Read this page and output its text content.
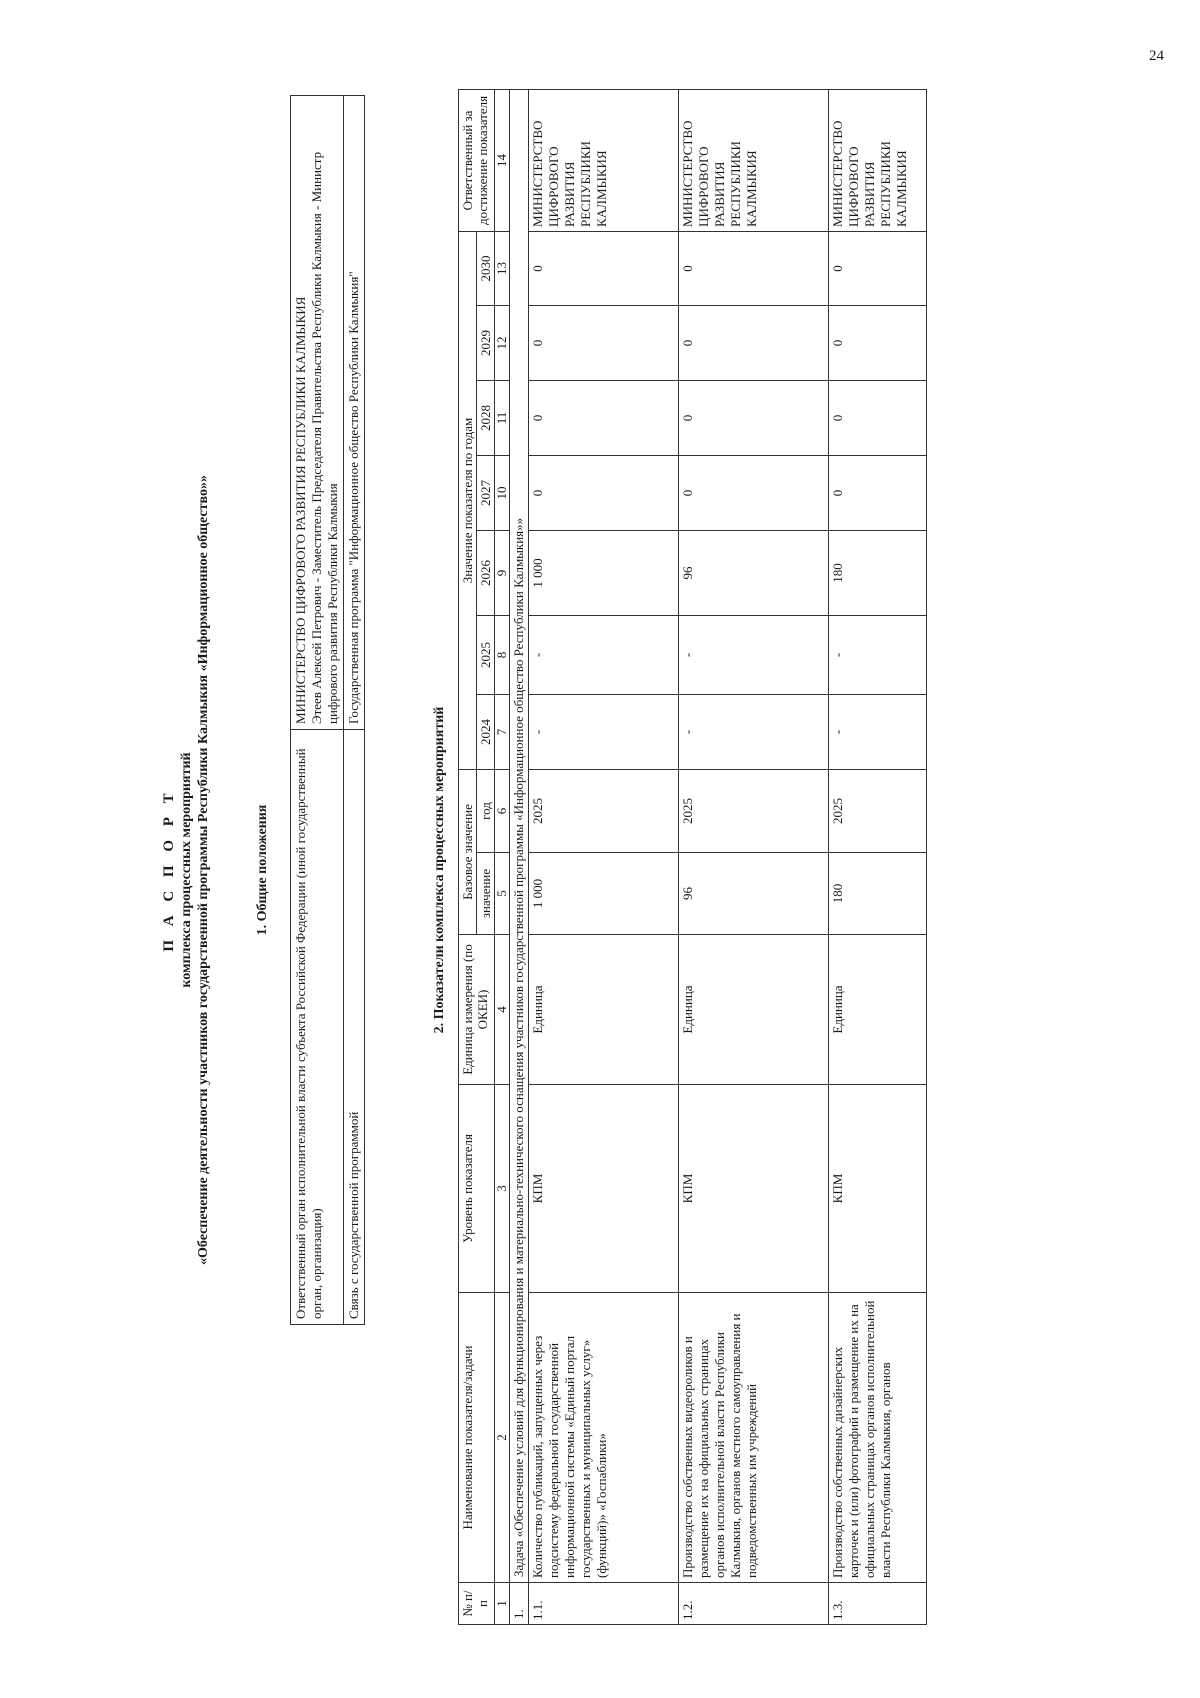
П А С П О Р Т комплекса процессных мероприятий «Обеспечение деятельности участников государственной программы Республики Калмыкия «Информационное общество»»	1. Общие положения Ответственный орган исполнительной власти субъекта Российской Федерации (иной государственный орган, организация)	МИНИСТЕРСТВО ЦИФРОВОГО РАЗВИТИЯ РЕСПУБЛИКИ КАЛМЫКИЯ Этеев Алексей Петрович - Заместитель Председателя Правительства Республики Калмыкия - Министр цифрового развития Республики Калмыкия

Связь с государственной программой	Государственная программа "Информационное общество Республики Калмыкия"
2. Показатели комплекса процессных мероприятий
№ п/п	Наименование показателя/задачи	Уровень показателя	Единица измерения (по ОКЕИ)	Базовое значение		Значение показателя по годам							Ответственный за достижение показателя
				значение	год	2024	2025	2026	2027	2028	2029	2030	
1	2	3	4	5	6	7	8	9	10	11	12	13	14
1.	Задача «Обеспечение условий для функционирования и материально-технического оснащения участников государственной программы «Информационное общество Республики Калмыкия»»												
1.1.	Количество публикаций, запущенных через подсистему федеральной государственной информационной системы «Единый портал государственных и муниципальных услуг» (функций)» «Госпаблики»	КПМ	Единица	1 000	2025	-	-	1 000	0	0	0	0	МИНИСТЕРСТВО ЦИФРОВОГО РАЗВИТИЯ РЕСПУБЛИКИ КАЛМЫКИЯ
1.2.	Производство собственных видеороликов и размещение их на официальных страницах органов исполнительной власти Республики Калмыкия, органов местного самоуправления и подведомственных им учреждений	КПМ	Единица	96	2025	-	-	96	0	0	0	0	МИНИСТЕРСТВО ЦИФРОВОГО РАЗВИТИЯ РЕСПУБЛИКИ КАЛМЫКИЯ
1.3.	Производство собственных дизайнерских карточек и (или) фотографий и размещение их на официальных страницах органов исполнительной власти Республики Калмыкия, органов	КПМ	Единица	180	2025	-	-	180	0	0	0	0	МИНИСТЕРСТВО ЦИФРОВОГО РАЗВИТИЯ РЕСПУБЛИКИ КАЛМЫКИЯ
24
